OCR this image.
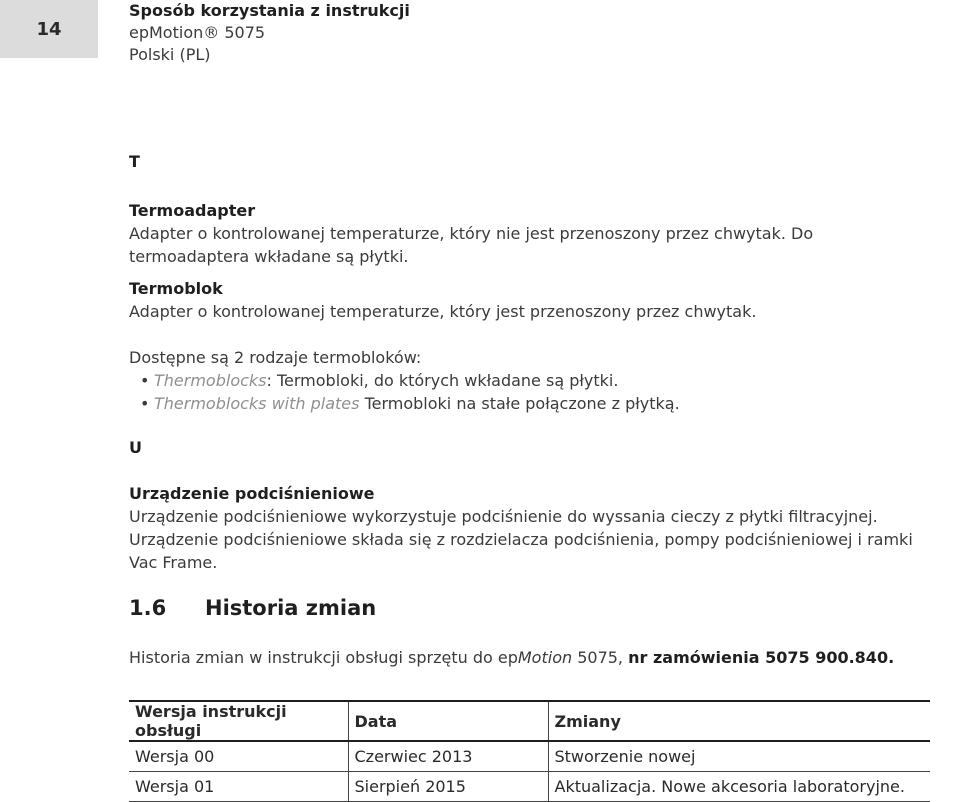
14
Sposób korzystania z instrukcji
epMotion® 5075
Polski (PL)
T
Termoadapter
Adapter o kontrolowanej temperaturze, który nie jest przenoszony przez chwytak. Do termoadaptera wkładane są płytki.
Termoblok
Adapter o kontrolowanej temperaturze, który jest przenoszony przez chwytak.
Dostępne są 2 rodzaje termobloków:
• Thermoblocks: Termobloki, do których wkładane są płytki.
• Thermoblocks with plates Termobloki na stałe połączone z płytką.
U
Urządzenie podciśnieniowe
Urządzenie podciśnieniowe wykorzystuje podciśnienie do wyssania cieczy z płytki filtracyjnej. Urządzenie podciśnieniowe składa się z rozdzielacza podciśnienia, pompy podciśnieniowej i ramki Vac Frame.
1.6 Historia zmian
Historia zmian w instrukcji obsługi sprzętu do epMotion 5075, nr zamówienia 5075 900.840.
Wersja instrukcji obsługi	Data	Zmiany
Wersja 00	Czerwiec 2013	Stworzenie nowej
Wersja 01	Sierpień 2015	Aktualizacja. Nowe akcesoria laboratoryjne.
